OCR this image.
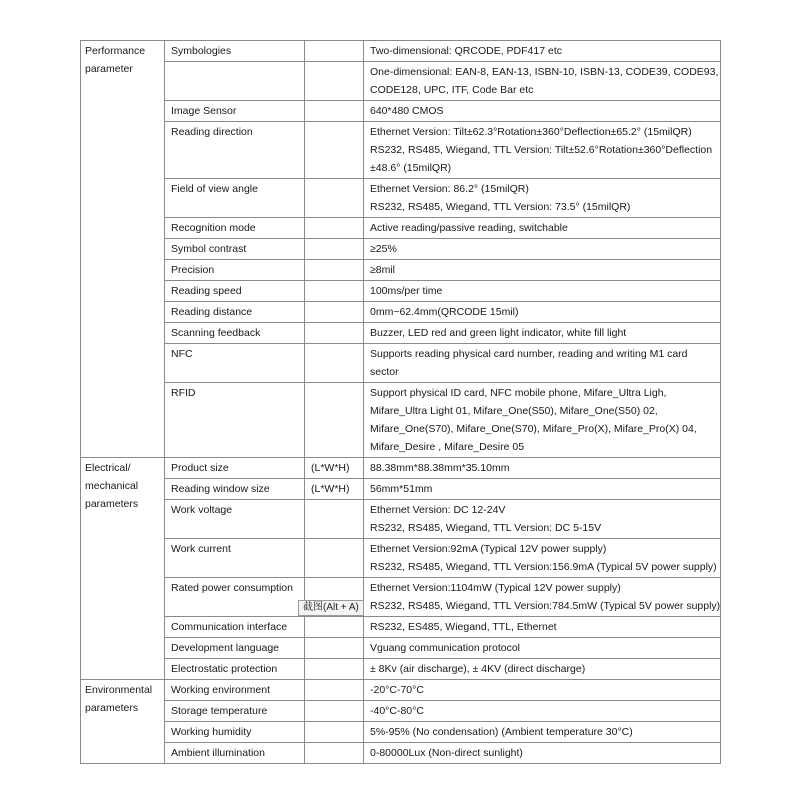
Performance parameter	Symbologies		Two-dimensional: QRCODE, PDF417 etc

			One-dimensional: EAN-8, EAN-13, ISBN-10, ISBN-13, CODE39, CODE93,
CODE128, UPC, ITF, Code Bar etc

	Image Sensor		640*480 CMOS

	Reading direction		Ethernet Version: Tilt±62.3°Rotation±360°Deflection±65.2° (15milQR)
RS232, RS485, Wiegand, TTL Version: Tilt±52.6°Rotation±360°Deflection
±48.6° (15milQR)

	Field of view angle		Ethernet Version: 86.2° (15milQR)
RS232, RS485, Wiegand, TTL Version: 73.5° (15milQR)

	Recognition mode		Active reading/passive reading, switchable

	Symbol contrast		≥25%

	Precision		≥8mil

	Reading speed		100ms/per time

	Reading distance		0mm~62.4mm(QRCODE 15mil)

	Scanning feedback		Buzzer, LED red and green light indicator, white fill light

	NFC		Supports reading physical card number, reading and writing M1 card
sector

	RFID		Support physical ID card, NFC mobile phone, Mifare_Ultra Ligh,
Mifare_Ultra Light 01, Mifare_One(S50), Mifare_One(S50) 02,
Mifare_One(S70), Mifare_One(S70), Mifare_Pro(X), Mifare_Pro(X) 04,
Mifare_Desire , Mifare_Desire 05

Electrical/ mechanical parameters	Product size	(L*W*H)	88.38mm*88.38mm*35.10mm

	Reading window size	(L*W*H)	56mm*51mm

	Work voltage		Ethernet Version: DC 12-24V
RS232, RS485, Wiegand, TTL Version: DC 5-15V

	Work current		Ethernet Version:92mA (Typical 12V power supply)
RS232, RS485, Wiegand, TTL Version:156.9mA (Typical 5V power supply)

	Rated power consumption		Ethernet Version:1104mW (Typical 12V power supply)
RS232, RS485, Wiegand, TTL Version:784.5mW (Typical 5V power supply)

	Communication interface		RS232, ES485, Wiegand, TTL, Ethernet

	Development language		Vguang communication protocol

	Electrostatic protection		± 8Kv (air discharge), ± 4KV (direct discharge)

Environmental parameters	Working environment		-20°C-70°C

	Storage temperature		-40°C-80°C

	Working humidity		5%-95% (No condensation) (Ambient temperature 30°C)

	Ambient illumination		0-80000Lux (Non-direct sunlight)
截图(Alt + A)
